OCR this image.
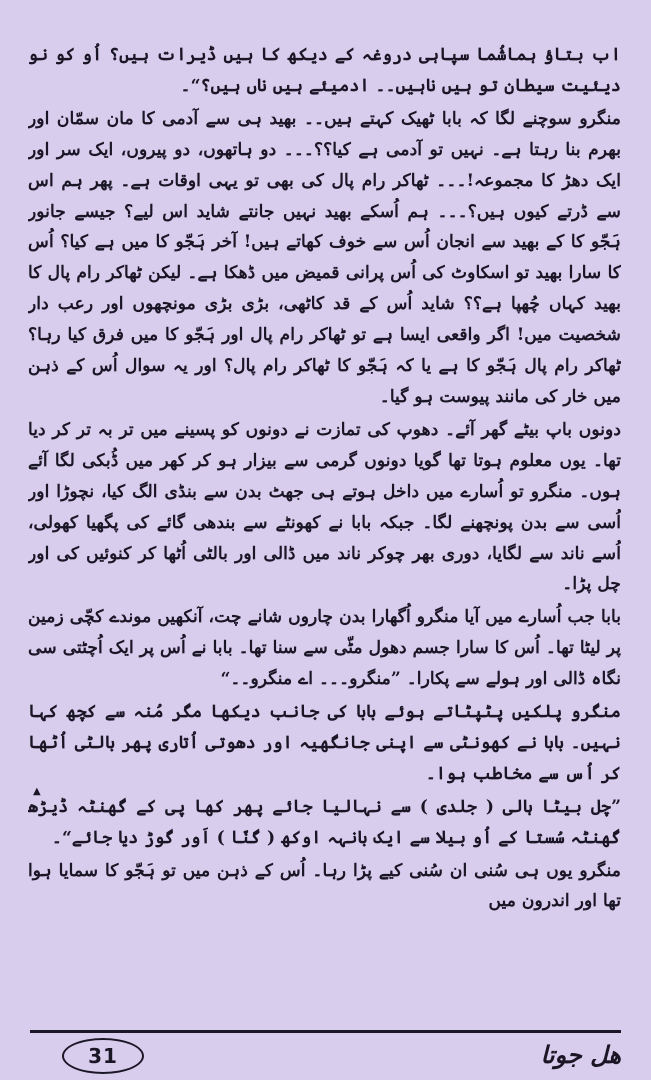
اب بتاؤ ہماشُما سپاہی دروغہ کے دیکھ کا ہیں ڈیرات ہیں؟ اُو کو نو دیئیت سیطان تو ہیں ناہیں۔۔ ادمیئے ہیں ناں ہیں؟“۔

منگرو سوچنے لگا کہ بابا ٹھیک کہتے ہیں۔۔ بھید ہی سے آدمی کا مان سمّان اور بھرم بنا رہتا ہے۔ نہیں تو آدمی ہے کیا؟؟۔۔۔ دو ہاتھوں، دو پیروں، ایک سر اور ایک دھڑ کا مجموعہ!۔۔۔ ٹھاکر رام پال کی بھی تو یہی اوقات ہے۔ پھر ہم اس سے ڈرتے کیوں ہیں؟۔۔۔ ہم اُسکے بھید نہیں جانتے شاید اس لیے؟ جیسے جانور ہَجّو کا کے بھید سے انجان اُس سے خوف کھاتے ہیں! آخر ہَجّو کا میں ہے کیا؟ اُس کا سارا بھید تو اسکاوٹ کی اُس پرانی قمیض میں ڈھکا ہے۔ لیکن ٹھاکر رام پال کا بھید کہاں چُھپا ہے؟؟ شاید اُس کے قد کاٹھی، بڑی بڑی مونچھوں اور رعب دار شخصیت میں! اگر واقعی ایسا ہے تو ٹھاکر رام پال اور ہَجّو کا میں فرق کیا رہا؟ ٹھاکر رام پال ہَجّو کا ہے یا کہ ہَجّو کا ٹھاکر رام پال؟ اور یہ سوال اُس کے ذہن میں خار کی مانند پیوست ہو گیا۔

دونوں باپ بیٹے گھر آئے۔ دھوپ کی تمازت نے دونوں کو پسینے میں تر بہ تر کر دیا تھا۔ یوں معلوم ہوتا تھا گویا دونوں گرمی سے بیزار ہو کر کھر میں ڈُبکی لگا آئے ہوں۔ منگرو تو اُسارے میں داخل ہوتے ہی جھٹ بدن سے بنڈی الگ کیا، نچوڑا اور اُسی سے بدن پونچھنے لگا۔ جبکہ بابا نے کھونٹے سے بندھی گائے کی پگھیا کھولی، اُسے ناند سے لگایا، دوری بھر چوکر ناند میں ڈالی اور بالٹی اُٹھا کر کنوئیں کی اور چل پڑا۔

بابا جب اُسارے میں آیا منگرو اُگھارا بدن چاروں شانے چت، آنکھیں موندے کچّی زمین پر لیٹا تھا۔ اُس کا سارا جسم دھول مٹّی سے سنا تھا۔ بابا نے اُس پر ایک اُچٹتی سی نگاہ ڈالی اور ہولے سے پکارا۔ ”منگرو۔۔۔ اے منگرو۔۔“

منگرو پلکیں پٹپٹاتے ہوئے بابا کی جانب دیکھا مگر مُنہ سے کچھ کہا نہیں۔ بابا نے کھونٹی سے اپنی جانگھیہ اور دھوتی اُتاری پھر بالٹی اُٹھا کر اُس سے مخاطب ہوا۔

”چل بیٹا ہالی ( جلدی ) سے نہالیا جائے پھر کھا پی کے گھنٹہ ڈیڑھ گھنٹہ سُستا کے اُو بیلا سے ایک بانہہ اوکھ ( گنّا ) اَور گوڑ دیا جائے“۔

منگرو یوں ہی سُنی ان سُنی کیے پڑا رہا۔ اُس کے ذہن میں تو ہَجّو کا سمایا ہوا تھا اور اندرون میں

▲
31	ھل جوتا
